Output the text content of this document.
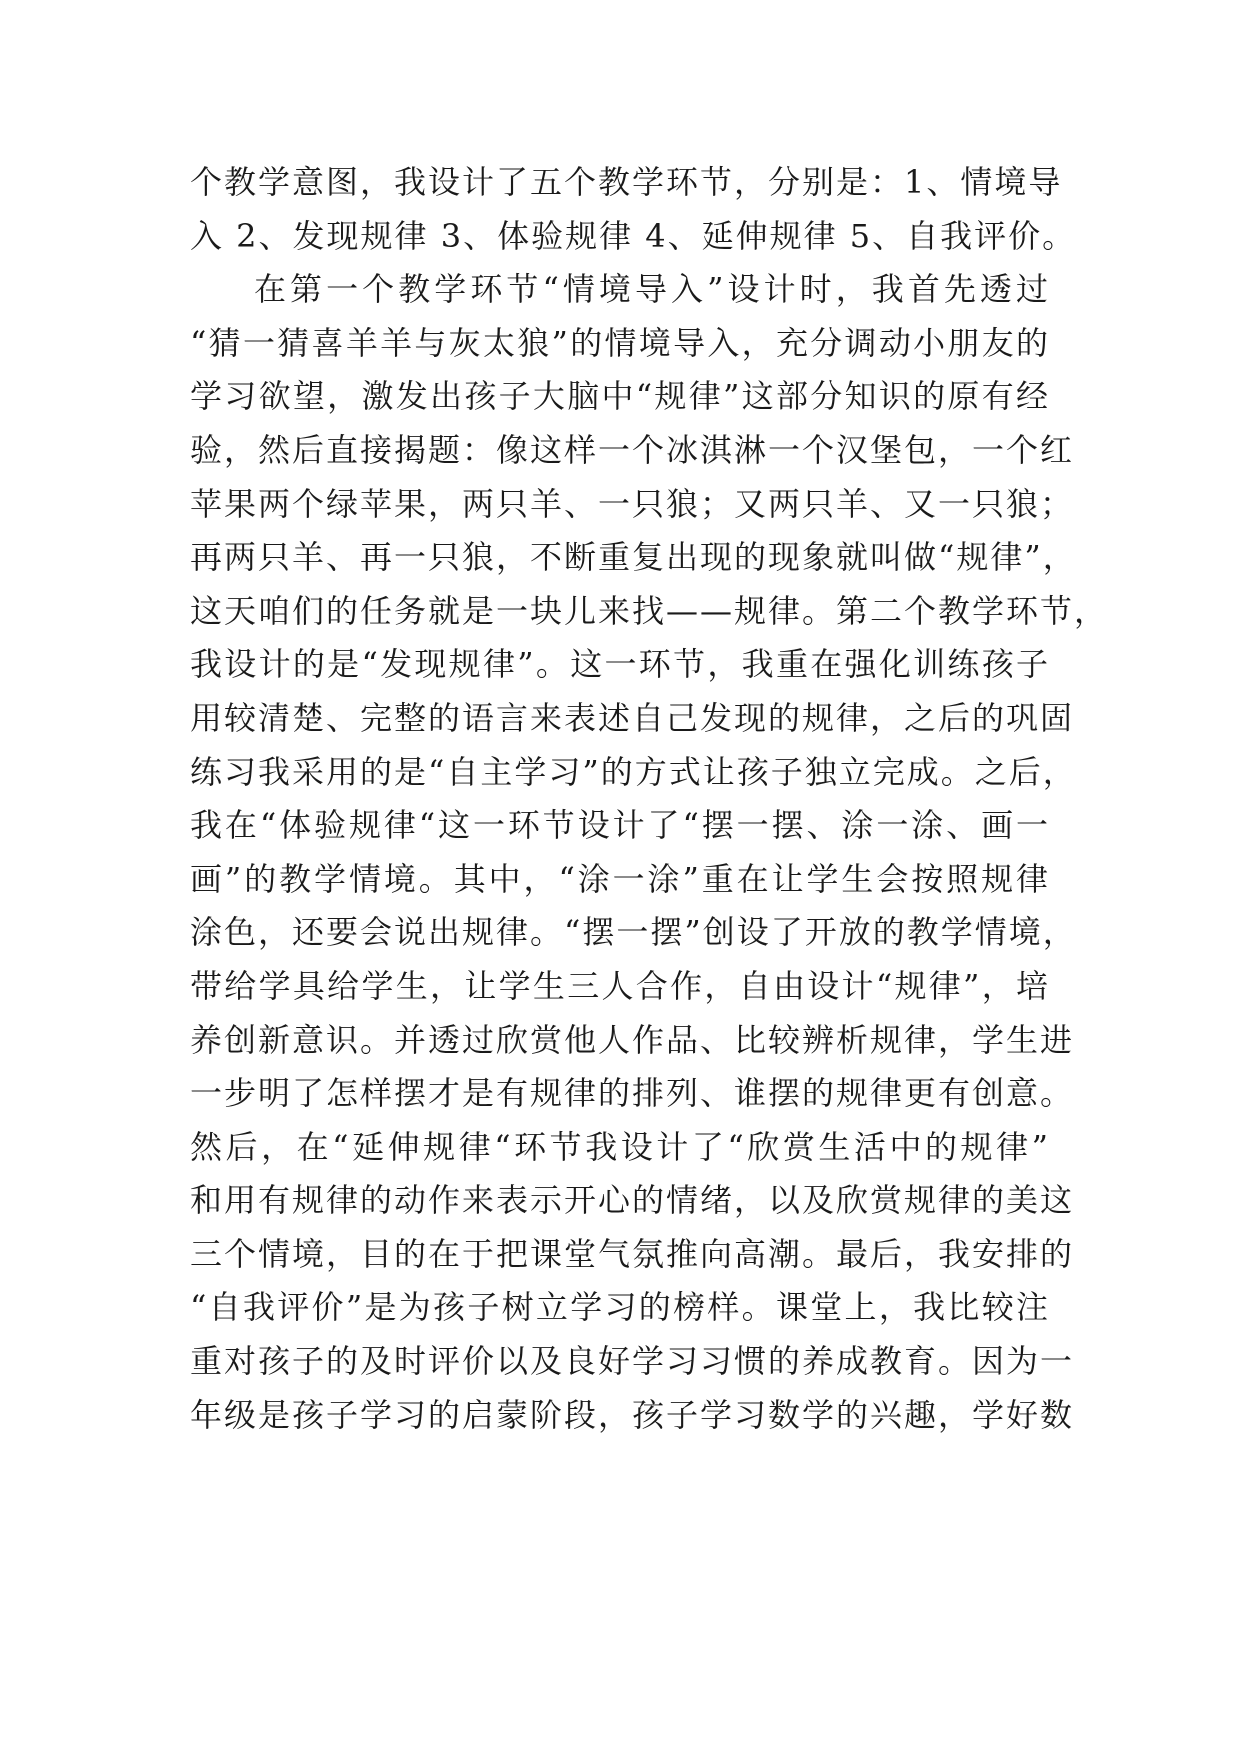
个教学意图，我设计了五个教学环节，分别是：1、情境导
入 2、发现规律 3、体验规律 4、延伸规律 5、自我评价。
在第一个教学环节“情境导入”设计时，我首先透过
“猜一猜喜羊羊与灰太狼”的情境导入，充分调动小朋友的
学习欲望，激发出孩子大脑中“规律”这部分知识的原有经
验，然后直接揭题：像这样一个冰淇淋一个汉堡包，一个红
苹果两个绿苹果，两只羊、一只狼；又两只羊、又一只狼；
再两只羊、再一只狼，不断重复出现的现象就叫做“规律”，
这天咱们的任务就是一块儿来找——规律。第二个教学环节，
我设计的是“发现规律”。这一环节，我重在强化训练孩子
用较清楚、完整的语言来表述自己发现的规律，之后的巩固
练习我采用的是“自主学习”的方式让孩子独立完成。之后，
我在“体验规律“这一环节设计了“摆一摆、涂一涂、画一
画”的教学情境。其中，“涂一涂”重在让学生会按照规律
涂色，还要会说出规律。“摆一摆”创设了开放的教学情境，
带给学具给学生，让学生三人合作，自由设计“规律”，培
养创新意识。并透过欣赏他人作品、比较辨析规律，学生进
一步明了怎样摆才是有规律的排列、谁摆的规律更有创意。
然后，在“延伸规律“环节我设计了“欣赏生活中的规律”
和用有规律的动作来表示开心的情绪，以及欣赏规律的美这
三个情境，目的在于把课堂气氛推向高潮。最后，我安排的
“自我评价”是为孩子树立学习的榜样。课堂上，我比较注
重对孩子的及时评价以及良好学习习惯的养成教育。因为一
年级是孩子学习的启蒙阶段，孩子学习数学的兴趣，学好数
